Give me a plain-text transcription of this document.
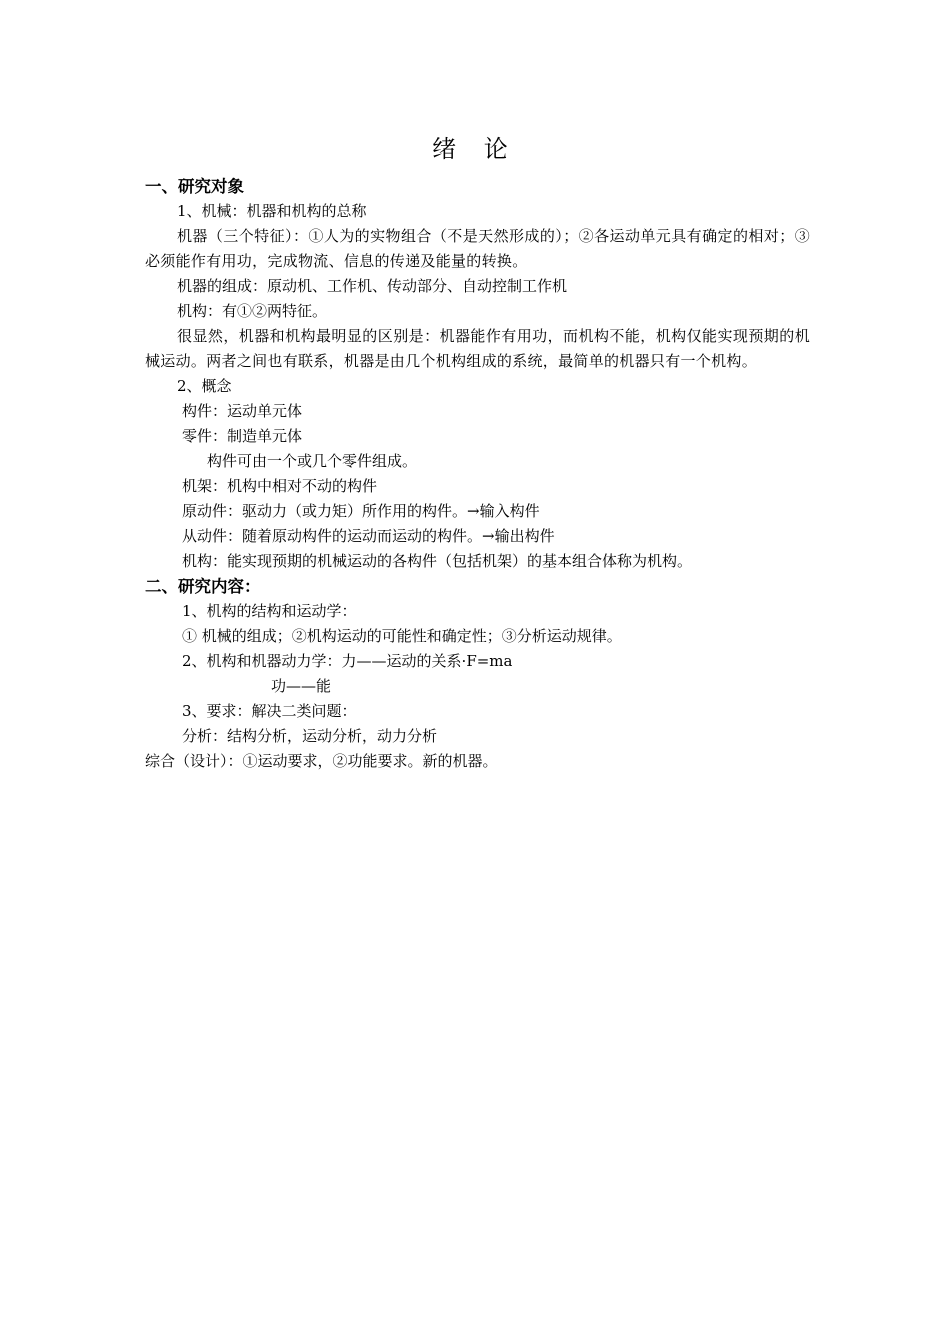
绪 论
一、研究对象
1、机械：机器和机构的总称
机器（三个特征）：①人为的实物组合（不是天然形成的）；②各运动单元具有确定的相对；③必须能作有用功，完成物流、信息的传递及能量的转换。
机器的组成：原动机、工作机、传动部分、自动控制工作机
机构：有①②两特征。
很显然，机器和机构最明显的区别是：机器能作有用功，而机构不能，机构仅能实现预期的机械运动。两者之间也有联系，机器是由几个机构组成的系统，最简单的机器只有一个机构。
2、概念
构件：运动单元体
零件：制造单元体
构件可由一个或几个零件组成。
机架：机构中相对不动的构件
原动件：驱动力（或力矩）所作用的构件。→输入构件
从动件：随着原动构件的运动而运动的构件。→输出构件
机构：能实现预期的机械运动的各构件（包括机架）的基本组合体称为机构。
二、研究内容：
1、机构的结构和运动学：
① 机械的组成；②机构运动的可能性和确定性；③分析运动规律。
2、机构和机器动力学：力——运动的关系·F=ma
功——能
3、要求：解决二类问题：
分析：结构分析，运动分析，动力分析
综合（设计）：①运动要求，②功能要求。新的机器。
